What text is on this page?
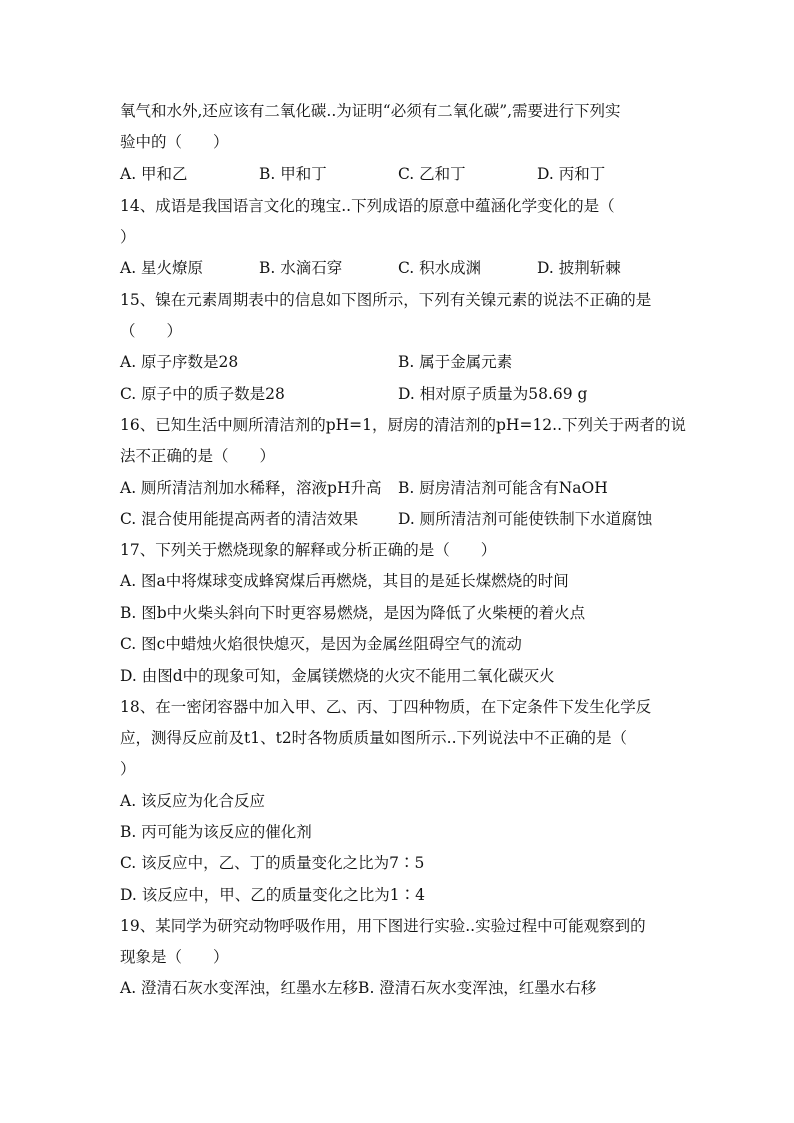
氧气和水外,还应该有二氧化碳..为证明“必须有二氧化碳”,需要进行下列实
验中的（　　）
A. 甲和乙	B. 甲和丁	C. 乙和丁	D. 丙和丁
14、成语是我国语言文化的瑰宝..下列成语的原意中蕴涵化学变化的是（
）
A. 星火燎原	B. 水滴石穿	C. 积水成渊	D. 披荆斩棘
15、镍在元素周期表中的信息如下图所示，下列有关镍元素的说法不正确的是
（　　）
A. 原子序数是28	B. 属于金属元素
C. 原子中的质子数是28	D. 相对原子质量为58.69 g
16、已知生活中厕所清洁剂的pH=1，厨房的清洁剂的pH=12..下列关于两者的说
法不正确的是（　　）
A. 厕所清洁剂加水稀释，溶液pH升高 B. 厨房清洁剂可能含有NaOH
C. 混合使用能提高两者的清洁效果	D. 厕所清洁剂可能使铁制下水道腐蚀
17、下列关于燃烧现象的解释或分析正确的是（　　）
A. 图a中将煤球变成蜂窝煤后再燃烧，其目的是延长煤燃烧的时间
B. 图b中火柴头斜向下时更容易燃烧，是因为降低了火柴梗的着火点
C. 图c中蜡烛火焰很快熄灭，是因为金属丝阻碍空气的流动
D. 由图d中的现象可知，金属镁燃烧的火灾不能用二氧化碳灭火
18、在一密闭容器中加入甲、乙、丙、丁四种物质，在下定条件下发生化学反
应，测得反应前及t1、t2时各物质质量如图所示..下列说法中不正确的是（
）
A. 该反应为化合反应
B. 丙可能为该反应的催化剂
C. 该反应中，乙、丁的质量变化之比为7∶5
D. 该反应中，甲、乙的质量变化之比为1∶4
19、某同学为研究动物呼吸作用，用下图进行实验..实验过程中可能观察到的
现象是（　　）
A. 澄清石灰水变浑浊，红墨水左移B. 澄清石灰水变浑浊，红墨水右移
